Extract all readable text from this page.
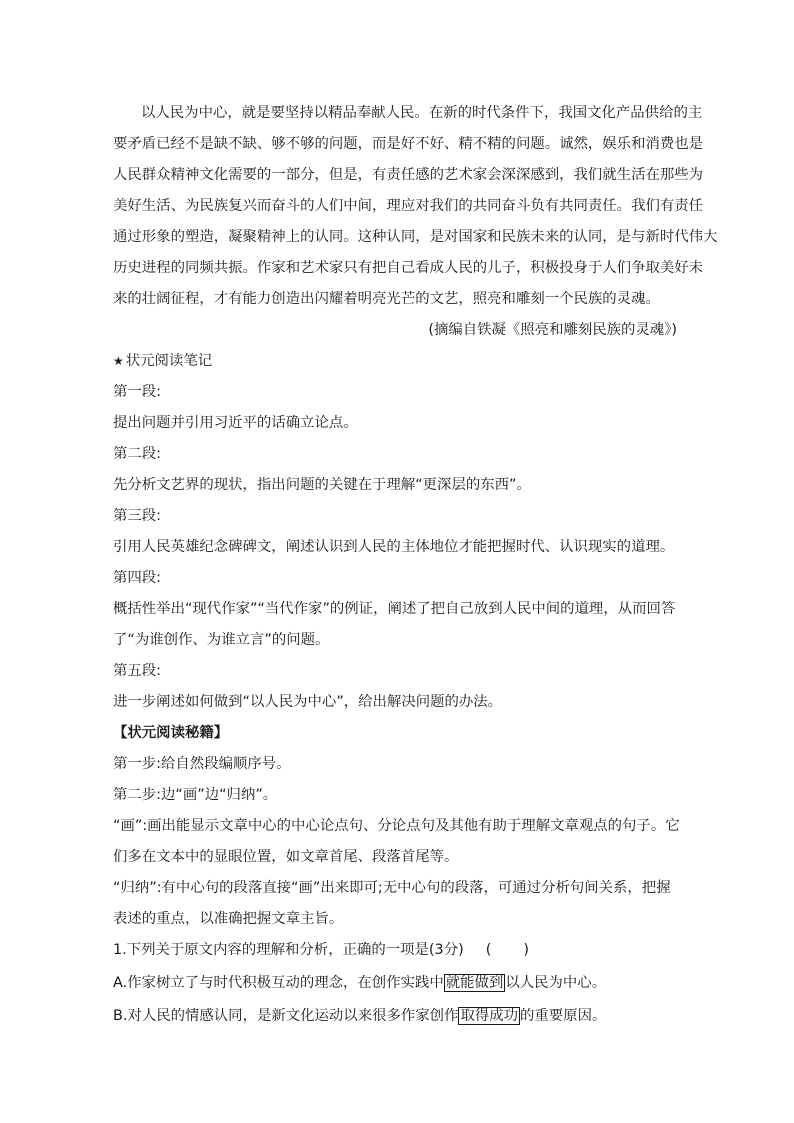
以人民为中心，就是要坚持以精品奉献人民。在新的时代条件下，我国文化产品供给的主
要矛盾已经不是缺不缺、够不够的问题，而是好不好、精不精的问题。诚然，娱乐和消费也是
人民群众精神文化需要的一部分，但是，有责任感的艺术家会深深感到，我们就生活在那些为
美好生活、为民族复兴而奋斗的人们中间，理应对我们的共同奋斗负有共同责任。我们有责任
通过形象的塑造，凝聚精神上的认同。这种认同，是对国家和民族未来的认同，是与新时代伟大
历史进程的同频共振。作家和艺术家只有把自己看成人民的儿子，积极投身于人们争取美好未
来的壮阔征程，才有能力创造出闪耀着明亮光芒的文艺，照亮和雕刻一个民族的灵魂。
(摘编自铁凝《照亮和雕刻民族的灵魂》)
★ 状元阅读笔记
第一段:
提出问题并引用习近平的话确立论点。
第二段:
先分析文艺界的现状，指出问题的关键在于理解“更深层的东西”。
第三段:
引用人民英雄纪念碑碑文，阐述认识到人民的主体地位才能把握时代、认识现实的道理。
第四段:
概括性举出“现代作家”“当代作家”的例证，阐述了把自己放到人民中间的道理，从而回答
了“为谁创作、为谁立言”的问题。
第五段:
进一步阐述如何做到“以人民为中心”，给出解决问题的办法。
【状元阅读秘籍】
第一步:给自然段编顺序号。
第二步:边“画”边“归纳”。
“画”:画出能显示文章中心的中心论点句、分论点句及其他有助于理解文章观点的句子。它
们多在文本中的显眼位置，如文章首尾、段落首尾等。
“归纳”:有中心句的段落直接“画”出来即可;无中心句的段落，可通过分析句间关系，把握
表述的重点，以准确把握文章主旨。
1.下列关于原文内容的理解和分析，正确的一项是(3分) ( )
A.作家树立了与时代积极互动的理念，在创作实践中 就能做到 以人民为中心。
B.对人民的情感认同，是新文化运动以来很多作家创作 取得成功 的重要原因。
